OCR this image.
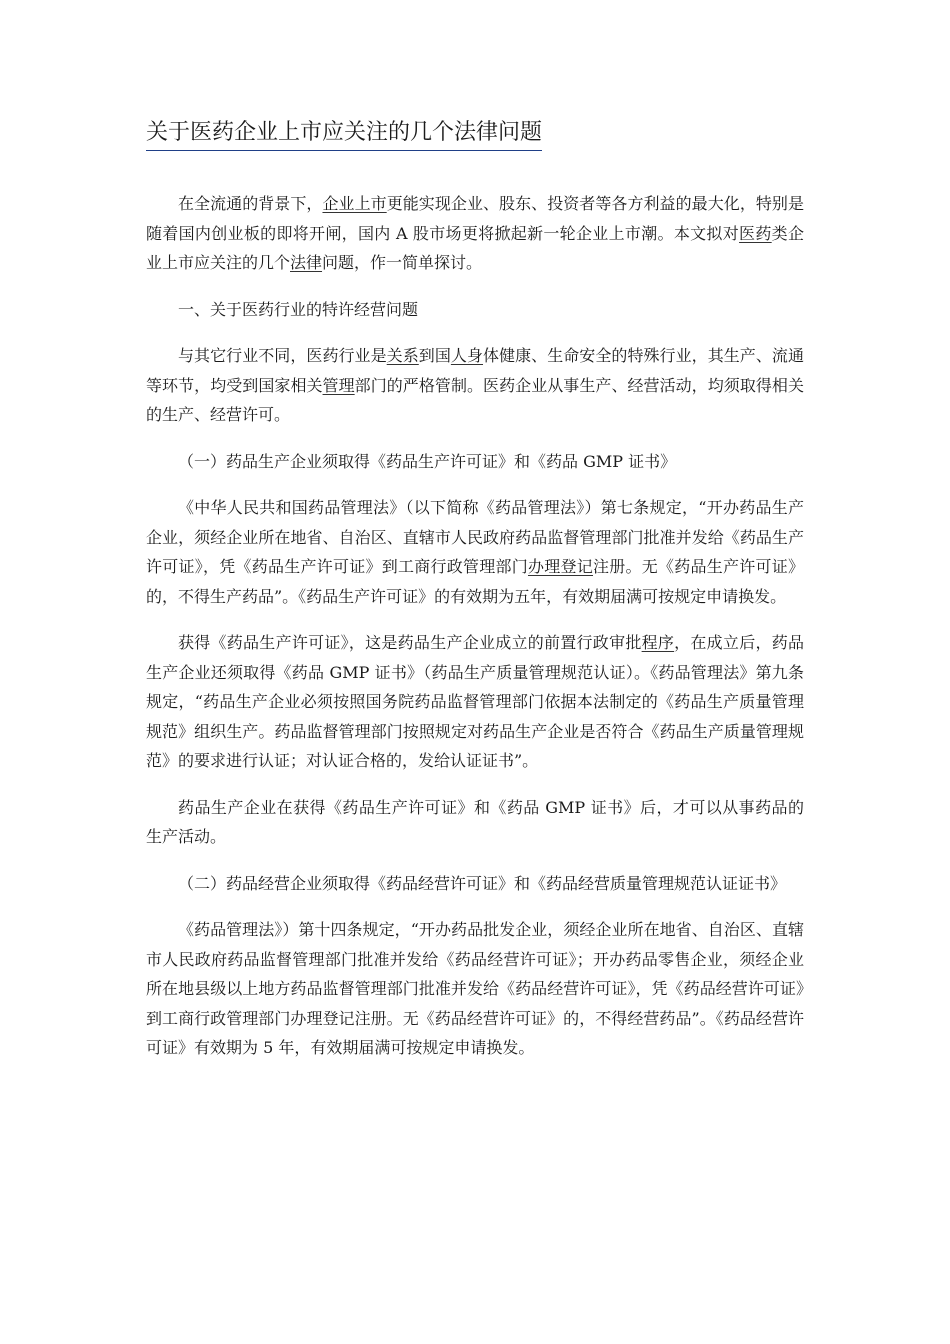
关于医药企业上市应关注的几个法律问题

在全流通的背景下，企业上市更能实现企业、股东、投资者等各方利益的最大化，特别是随着国内创业板的即将开闸，国内 A 股市场更将掀起新一轮企业上市潮。本文拟对医药类企业上市应关注的几个法律问题，作一简单探讨。

一、关于医药行业的特许经营问题

与其它行业不同，医药行业是关系到国人身体健康、生命安全的特殊行业，其生产、流通等环节，均受到国家相关管理部门的严格管制。医药企业从事生产、经营活动，均须取得相关的生产、经营许可。

（一）药品生产企业须取得《药品生产许可证》和《药品 GMP 证书》

《中华人民共和国药品管理法》（以下简称《药品管理法》）第七条规定，“开办药品生产企业，须经企业所在地省、自治区、直辖市人民政府药品监督管理部门批准并发给《药品生产许可证》，凭《药品生产许可证》到工商行政管理部门办理登记注册。无《药品生产许可证》的，不得生产药品”。《药品生产许可证》的有效期为五年，有效期届满可按规定申请换发。

获得《药品生产许可证》，这是药品生产企业成立的前置行政审批程序，在成立后，药品生产企业还须取得《药品 GMP 证书》（药品生产质量管理规范认证）。《药品管理法》第九条规定，“药品生产企业必须按照国务院药品监督管理部门依据本法制定的《药品生产质量管理规范》组织生产。药品监督管理部门按照规定对药品生产企业是否符合《药品生产质量管理规范》的要求进行认证；对认证合格的，发给认证证书”。

药品生产企业在获得《药品生产许可证》和《药品 GMP 证书》后，才可以从事药品的生产活动。

（二）药品经营企业须取得《药品经营许可证》和《药品经营质量管理规范认证证书》

《药品管理法》）第十四条规定，“开办药品批发企业，须经企业所在地省、自治区、直辖市人民政府药品监督管理部门批准并发给《药品经营许可证》；开办药品零售企业，须经企业所在地县级以上地方药品监督管理部门批准并发给《药品经营许可证》，凭《药品经营许可证》到工商行政管理部门办理登记注册。无《药品经营许可证》的，不得经营药品”。《药品经营许可证》有效期为 5 年，有效期届满可按规定申请换发。
